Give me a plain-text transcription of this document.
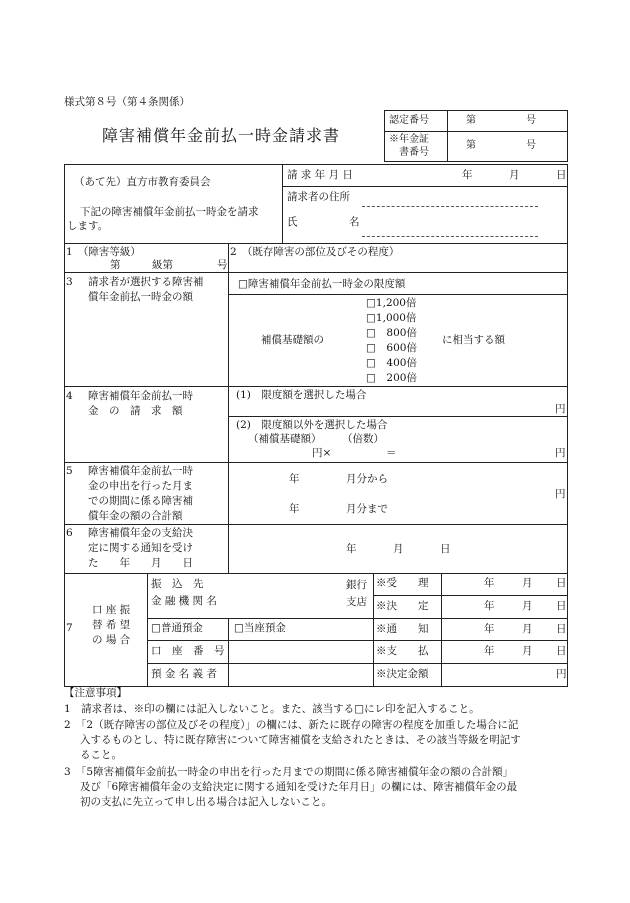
様式第８号（第４条関係）
障害補償年金前払一時金請求書
認定番号	第	号
※年金証
書番号
第	号
（あて先）直方市教育委員会
下記の障害補償年金前払一時金を請求
します。
請 求 年 月 日	年	月	日
請求者の住所
氏	名
1　（障害等級）
第	級第	号
2　（既存障害の部位及びその程度）
3 請求者が選択する障害補
償年金前払一時金の額
□障害補償年金前払一時金の限度額
補償基礎額の
□1,200倍
□1,000倍
□　800倍
□　600倍
□　400倍
□　200倍
に相当する額
4 障害補償年金前払一時
金　の　請　求　額
(1)　限度額を選択した場合
円
(2)　限度額以外を選択した場合
（補償基礎額） （倍数）
円×	＝	円
5 障害補償年金前払一時
金の申出を行った月ま
での期間に係る障害補
償年金の額の合計額
年	月分から
円
年	月分まで
6 障害補償年金の支給決
定に関する通知を受け
た　　年　　月　　日
年	月	日
7
口 座 振
替 希 望
の 場 合
振　込　先
金 融 機 関 名
銀行
支店
□普通預金	□当座預金
口　座　番　号
預 金 名 義 者
※受　　理	年	月 日
※決　　定	年	月 日
※通　　知	年	月 日
※支　　払	年	月 日
※決定金額	円
【注意事項】
1　請求者は、※印の欄には記入しないこと。また、該当する□にレ印を記入すること。
2　「2（既存障害の部位及びその程度）」の欄には、新たに既存の障害の程度を加重した場合に記
入するものとし、特に既存障害について障害補償を支給されたときは、その該当等級を明記す
ること。
3　「5障害補償年金前払一時金の申出を行った月までの期間に係る障害補償年金の額の合計額」
及び「6障害補償年金の支給決定に関する通知を受けた年月日」の欄には、障害補償年金の最
初の支払に先立って申し出る場合は記入しないこと。
